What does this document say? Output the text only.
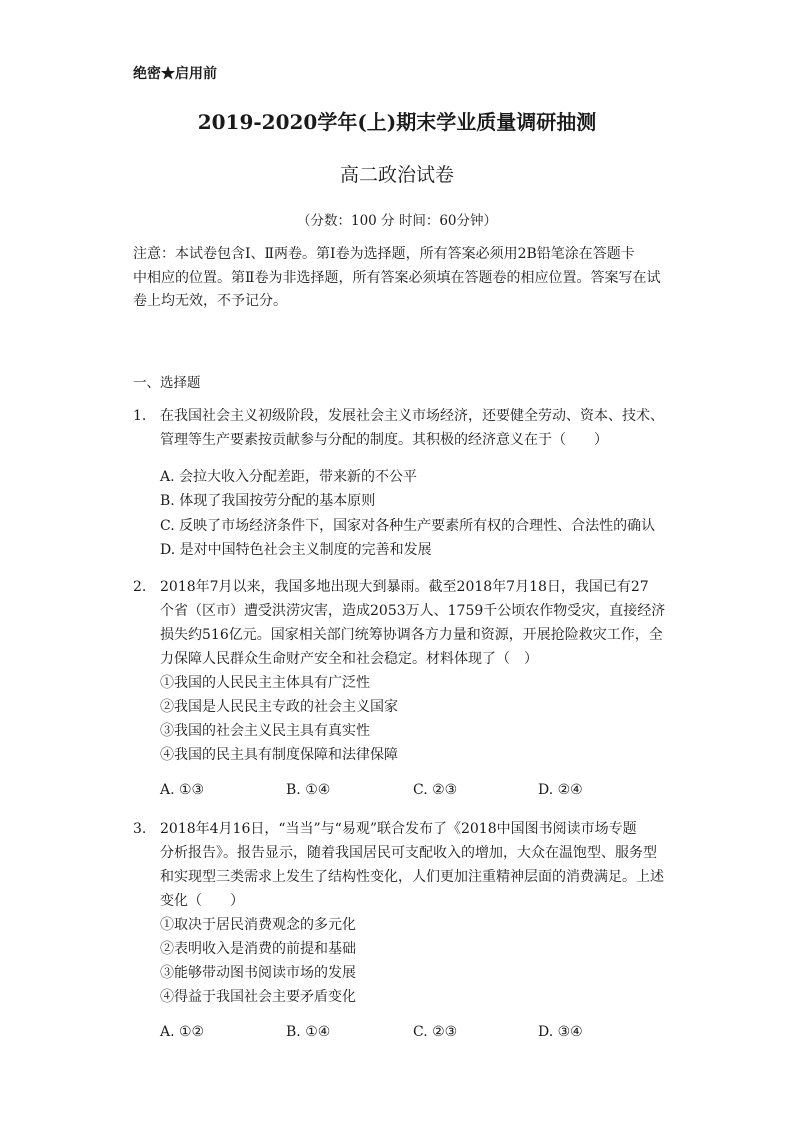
绝密★启用前
2019-2020学年(上)期末学业质量调研抽测
高二政治试卷
（分数：100 分 时间：60分钟）
注意：本试卷包含Ⅰ、Ⅱ两卷。第Ⅰ卷为选择题，所有答案必须用2B铅笔涂在答题卡
中相应的位置。第Ⅱ卷为非选择题，所有答案必须填在答题卷的相应位置。答案写在试
卷上均无效，不予记分。
一、选择题
1. 在我国社会主义初级阶段，发展社会主义市场经济，还要健全劳动、资本、技术、
管理等生产要素按贡献参与分配的制度。其积极的经济意义在于（　　）
A. 会拉大收入分配差距，带来新的不公平
B. 体现了我国按劳分配的基本原则
C. 反映了市场经济条件下，国家对各种生产要素所有权的合理性、合法性的确认
D. 是对中国特色社会主义制度的完善和发展
2. 2018年7月以来，我国多地出现大到暴雨。截至2018年7月18日，我国已有27
个省（区市）遭受洪涝灾害，造成2053万人、1759千公顷农作物受灾，直接经济
损失约516亿元。国家相关部门统筹协调各方力量和资源，开展抢险救灾工作，全
力保障人民群众生命财产安全和社会稳定。材料体现了（　）
①我国的人民民主主体具有广泛性
②我国是人民民主专政的社会主义国家
③我国的社会主义民主具有真实性
④我国的民主具有制度保障和法律保障
A. ①③	B. ①④	C. ②③	D. ②④
3. 2018年4月16日，“当当”与“易观”联合发布了《2018中国图书阅读市场专题
分析报告》。报告显示，随着我国居民可支配收入的增加，大众在温饱型、服务型
和实现型三类需求上发生了结构性变化，人们更加注重精神层面的消费满足。上述
变化（　　）
①取决于居民消费观念的多元化
②表明收入是消费的前提和基础
③能够带动图书阅读市场的发展
④得益于我国社会主要矛盾变化
A. ①②	B. ①④	C. ②③	D. ③④
